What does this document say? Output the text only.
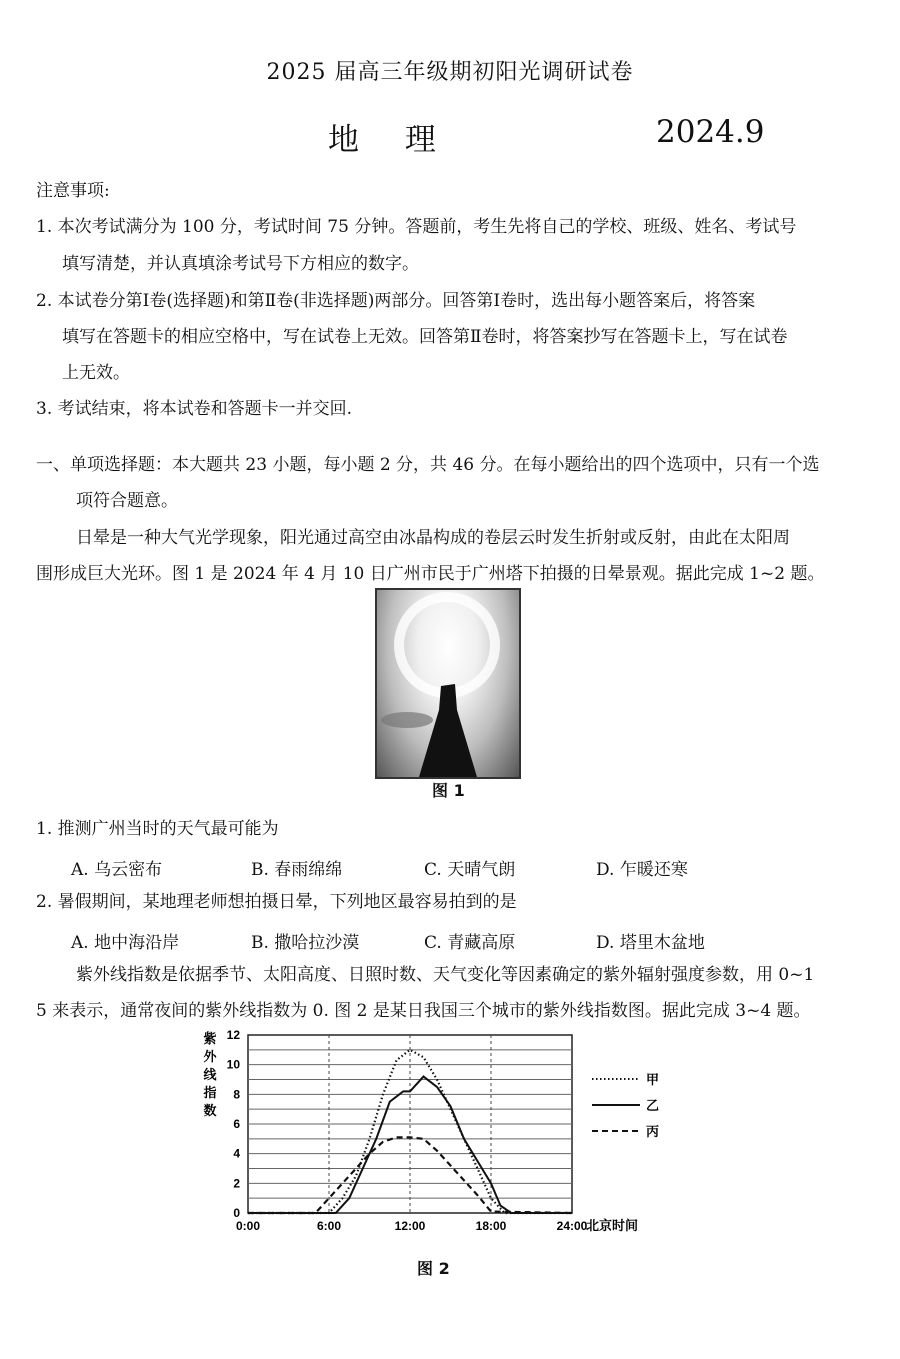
2025 届高三年级期初阳光调研试卷
地 理	2024.9
注意事项:
1. 本次考试满分为 100 分，考试时间 75 分钟。答题前，考生先将自己的学校、班级、姓名、考试号
填写清楚，并认真填涂考试号下方相应的数字。
2. 本试卷分第Ⅰ卷(选择题)和第Ⅱ卷(非选择题)两部分。回答第Ⅰ卷时，选出每小题答案后，将答案
填写在答题卡的相应空格中，写在试卷上无效。回答第Ⅱ卷时，将答案抄写在答题卡上，写在试卷
上无效。
3. 考试结束，将本试卷和答题卡一并交回.
一、单项选择题：本大题共 23 小题，每小题 2 分，共 46 分。在每小题给出的四个选项中，只有一个选
项符合题意。
日晕是一种大气光学现象，阳光通过高空由冰晶构成的卷层云时发生折射或反射，由此在太阳周
围形成巨大光环。图 1 是 2024 年 4 月 10 日广州市民于广州塔下拍摄的日晕景观。据此完成 1~2 题。
图 1
1. 推测广州当时的天气最可能为
A. 乌云密布	B. 春雨绵绵	C. 天晴气朗	D. 乍暖还寒
2. 暑假期间，某地理老师想拍摄日晕，下列地区最容易拍到的是
A. 地中海沿岸	B. 撒哈拉沙漠	C. 青藏高原	D. 塔里木盆地
紫外线指数是依据季节、太阳高度、日照时数、天气变化等因素确定的紫外辐射强度参数，用 0~1
5 来表示，通常夜间的紫外线指数为 0. 图 2 是某日我国三个城市的紫外线指数图。据此完成 3~4 题。
0
2
4
6
8
10
12
0:00	6:00	12:00	18:00	24:00
北京时间
紫
外
线
指
数
甲
乙
丙
图 2
